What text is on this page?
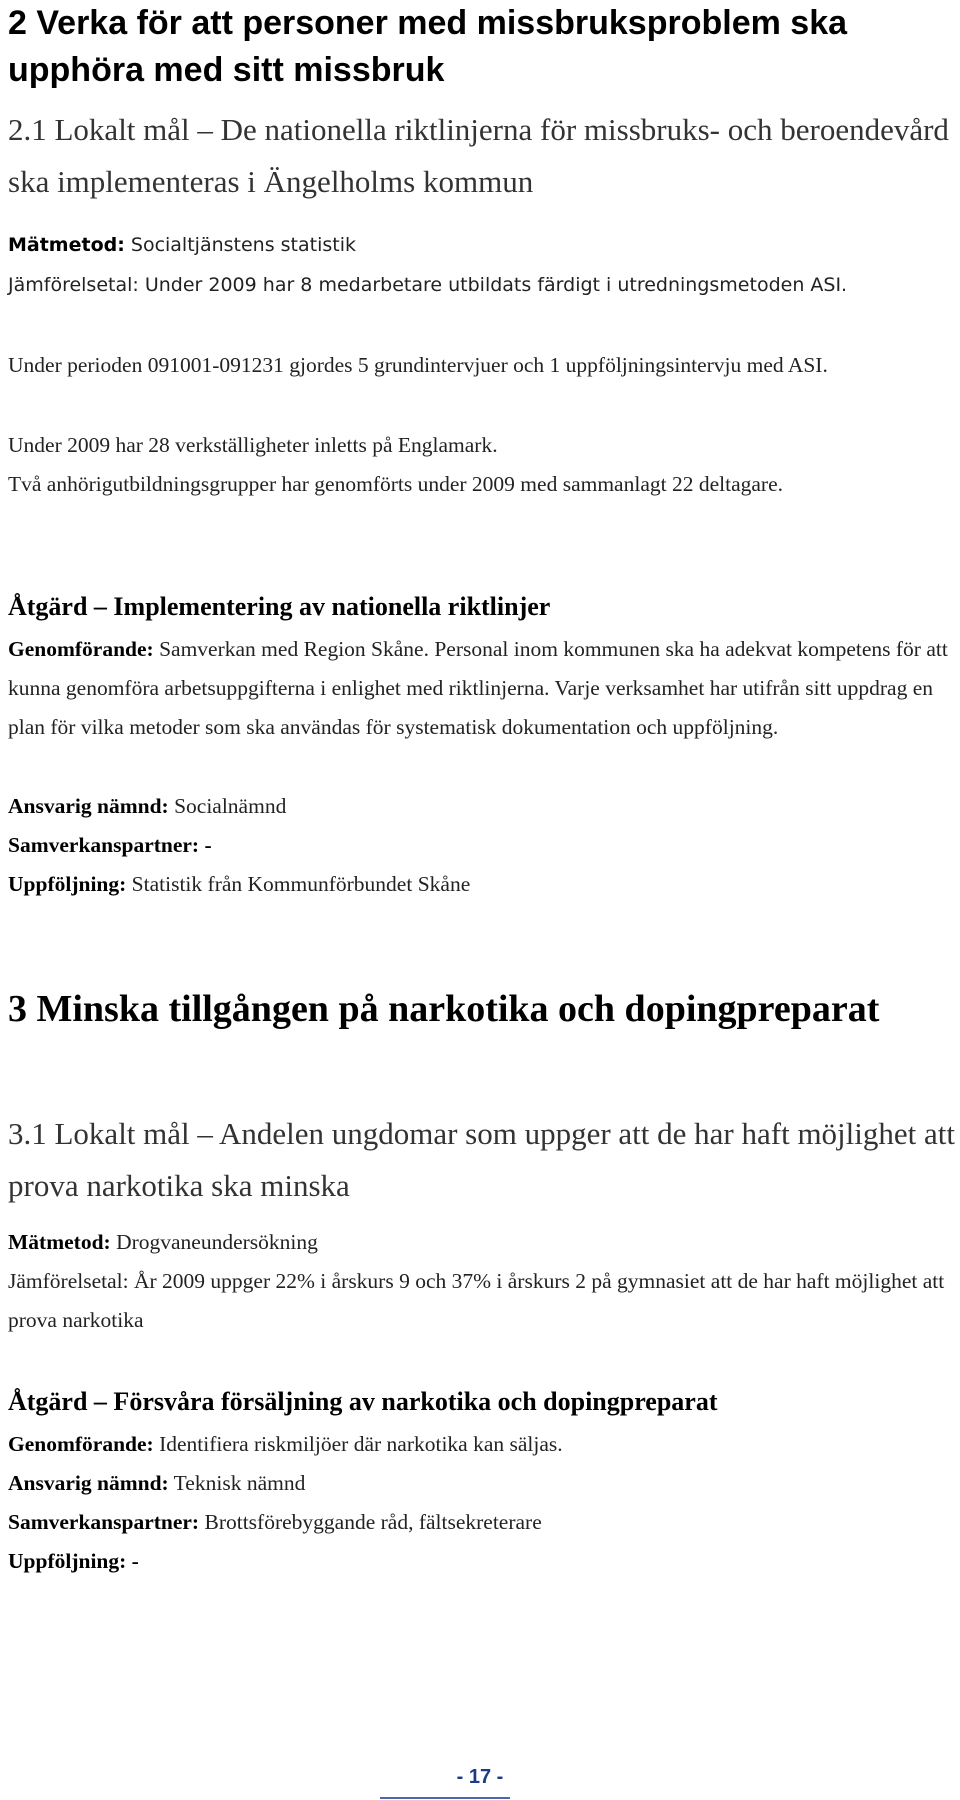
2 Verka för att personer med missbruksproblem ska upphöra med sitt missbruk
2.1 Lokalt mål – De nationella riktlinjerna för missbruks- och beroendevård ska implementeras i Ängelholms kommun

Mätmetod: Socialtjänstens statistik

Jämförelsetal: Under 2009 har 8 medarbetare utbildats färdigt i utredningsmetoden ASI.

Under perioden 091001-091231 gjordes 5 grundintervjuer och 1 uppföljningsintervju med ASI.

Under 2009 har 28 verkställigheter inletts på Englamark.

Två anhörigutbildningsgrupper har genomförts under 2009 med sammanlagt 22 deltagare.

Åtgärd – Implementering av nationella riktlinjer

Genomförande: Samverkan med Region Skåne. Personal inom kommunen ska ha adekvat kompetens för att kunna genomföra arbetsuppgifterna i enlighet med riktlinjerna. Varje verksamhet har utifrån sitt uppdrag en plan för vilka metoder som ska användas för systematisk dokumentation och uppföljning.

Ansvarig nämnd: Socialnämnd

Samverkanspartner: -

Uppföljning: Statistik från Kommunförbundet Skåne

3 Minska tillgången på narkotika och dopingpreparat
3.1 Lokalt mål – Andelen ungdomar som uppger att de har haft möjlighet att prova narkotika ska minska

Mätmetod: Drogvaneundersökning

Jämförelsetal: År 2009 uppger 22% i årskurs 9 och 37% i årskurs 2 på gymnasiet att de har haft möjlighet att prova narkotika

Åtgärd – Försvåra försäljning av narkotika och dopingpreparat

Genomförande: Identifiera riskmiljöer där narkotika kan säljas.

Ansvarig nämnd: Teknisk nämnd

Samverkanspartner: Brottsförebyggande råd, fältsekreterare

Uppföljning: -

- 17 -
